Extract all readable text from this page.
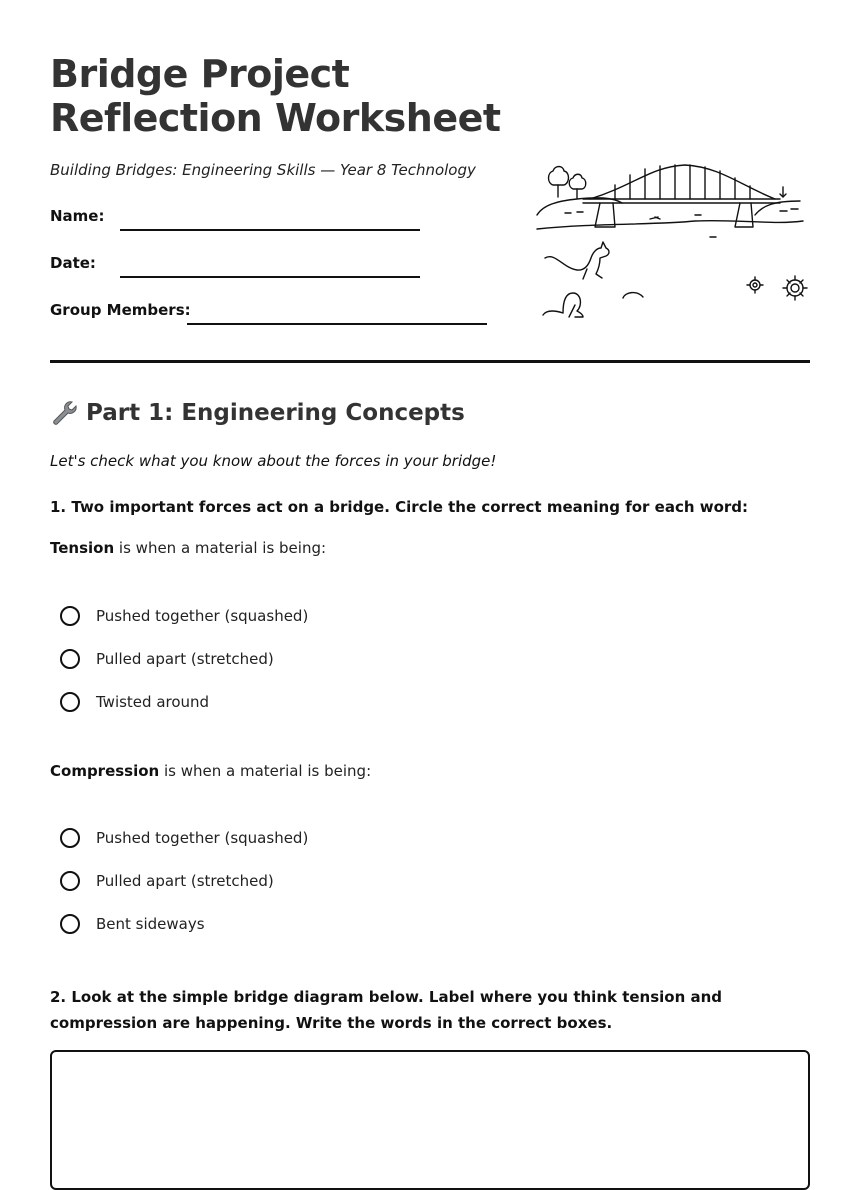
Bridge Project
Reflection Worksheet
Building Bridges: Engineering Skills — Year 8 Technology
Name:
Date:
Group Members:
Part 1: Engineering Concepts
Let's check what you know about the forces in your bridge!
1. Two important forces act on a bridge. Circle the correct meaning for each word:
Tension is when a material is being:
Pushed together (squashed)
Pulled apart (stretched)
Twisted around
Compression is when a material is being:
Pushed together (squashed)
Pulled apart (stretched)
Bent sideways
2. Look at the simple bridge diagram below. Label where you think tension and compression are happening. Write the words in the correct boxes.
